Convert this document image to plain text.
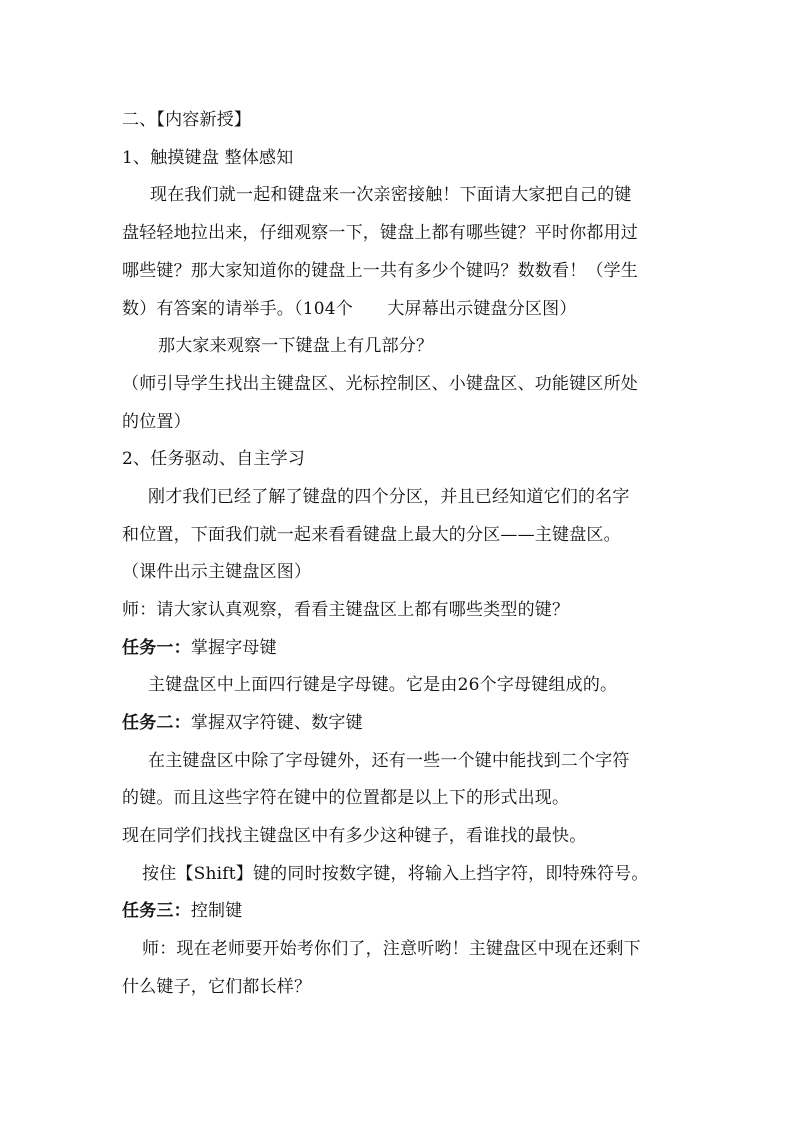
二、【内容新授】
1、触摸键盘 整体感知
现在我们就一起和键盘来一次亲密接触！下面请大家把自己的键
盘轻轻地拉出来，仔细观察一下，键盘上都有哪些键？平时你都用过
哪些键？那大家知道你的键盘上一共有多少个键吗？数数看！（学生
数）有答案的请举手。（104个　　大屏幕出示键盘分区图）
那大家来观察一下键盘上有几部分？
（师引导学生找出主键盘区、光标控制区、小键盘区、功能键区所处
的位置）
2、任务驱动、自主学习
刚才我们已经了解了键盘的四个分区，并且已经知道它们的名字
和位置，下面我们就一起来看看键盘上最大的分区——主键盘区。
（课件出示主键盘区图）
师：请大家认真观察，看看主键盘区上都有哪些类型的键？
任务一：掌握字母键
主键盘区中上面四行键是字母键。它是由26个字母键组成的。
任务二：掌握双字符键、数字键
在主键盘区中除了字母键外，还有一些一个键中能找到二个字符
的键。而且这些字符在键中的位置都是以上下的形式出现。
现在同学们找找主键盘区中有多少这种键子，看谁找的最快。
按住【Shift】键的同时按数字键，将输入上挡字符，即特殊符号。
任务三：控制键
师：现在老师要开始考你们了，注意听哟！主键盘区中现在还剩下
什么键子，它们都长样？
